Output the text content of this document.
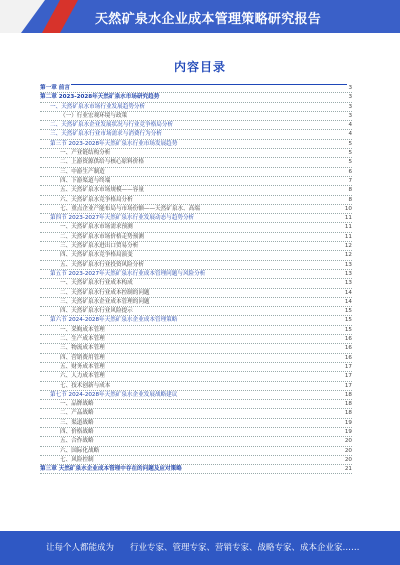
天然矿泉水企业成本管理策略研究报告
内容目录
第一章 前言	3
第二章 2023-2028年天然矿泉水市场研究趋势	3
一、天然矿泉水市场行业发展趋势分析	3
（一）行业宏观环境与政策	3
二、天然矿泉水企业发展状况与行业竞争格局分析	4
三、天然矿泉水行业市场需求与消费行为分析	4
第三节 2023-2028年天然矿泉水行业市场发展趋势	5
一、产业链结构分析	5
二、上游资源供给与核心原料价格	5
三、中游生产制造	6
四、下游渠道与终端	7
五、天然矿泉水市场规模——容量	8
六、天然矿泉水竞争格局分析	8
七、重点企业产能布局与市场份额——天然矿泉水、高端	10
第四节 2023-2027年天然矿泉水行业发展动态与趋势分析	11
一、天然矿泉水市场需求预测	11
二、天然矿泉水市场价格走势预测	11
三、天然矿泉水进出口贸易分析	12
四、天然矿泉水竞争格局演变	12
五、天然矿泉水行业投资风险分析	13
第五节 2023-2027年天然矿泉水行业成本管理问题与风险分析	13
一、天然矿泉水行业成本构成	13
二、天然矿泉水行业成本控制的问题	14
三、天然矿泉水企业成本管理的问题	14
四、天然矿泉水行业风险提示	15
第六节 2024-2028年天然矿泉水企业成本管理策略	15
一、采购成本管理	15
二、生产成本管理	16
三、物流成本管理	16
四、营销费用管理	16
五、财务成本管理	17
六、人力成本管理	17
七、技术创新与成本	17
第七节 2024-2028年天然矿泉水企业发展战略建议	18
一、品牌战略	18
二、产品战略	18
三、渠道战略	19
四、价格战略	19
五、合作战略	20
六、国际化战略	20
七、风险控制	20
第三章 天然矿泉水企业成本管理中存在的问题及应对策略	21
让每个人都能成为 行业专家、管理专家、营销专家、战略专家、成本企业家……
